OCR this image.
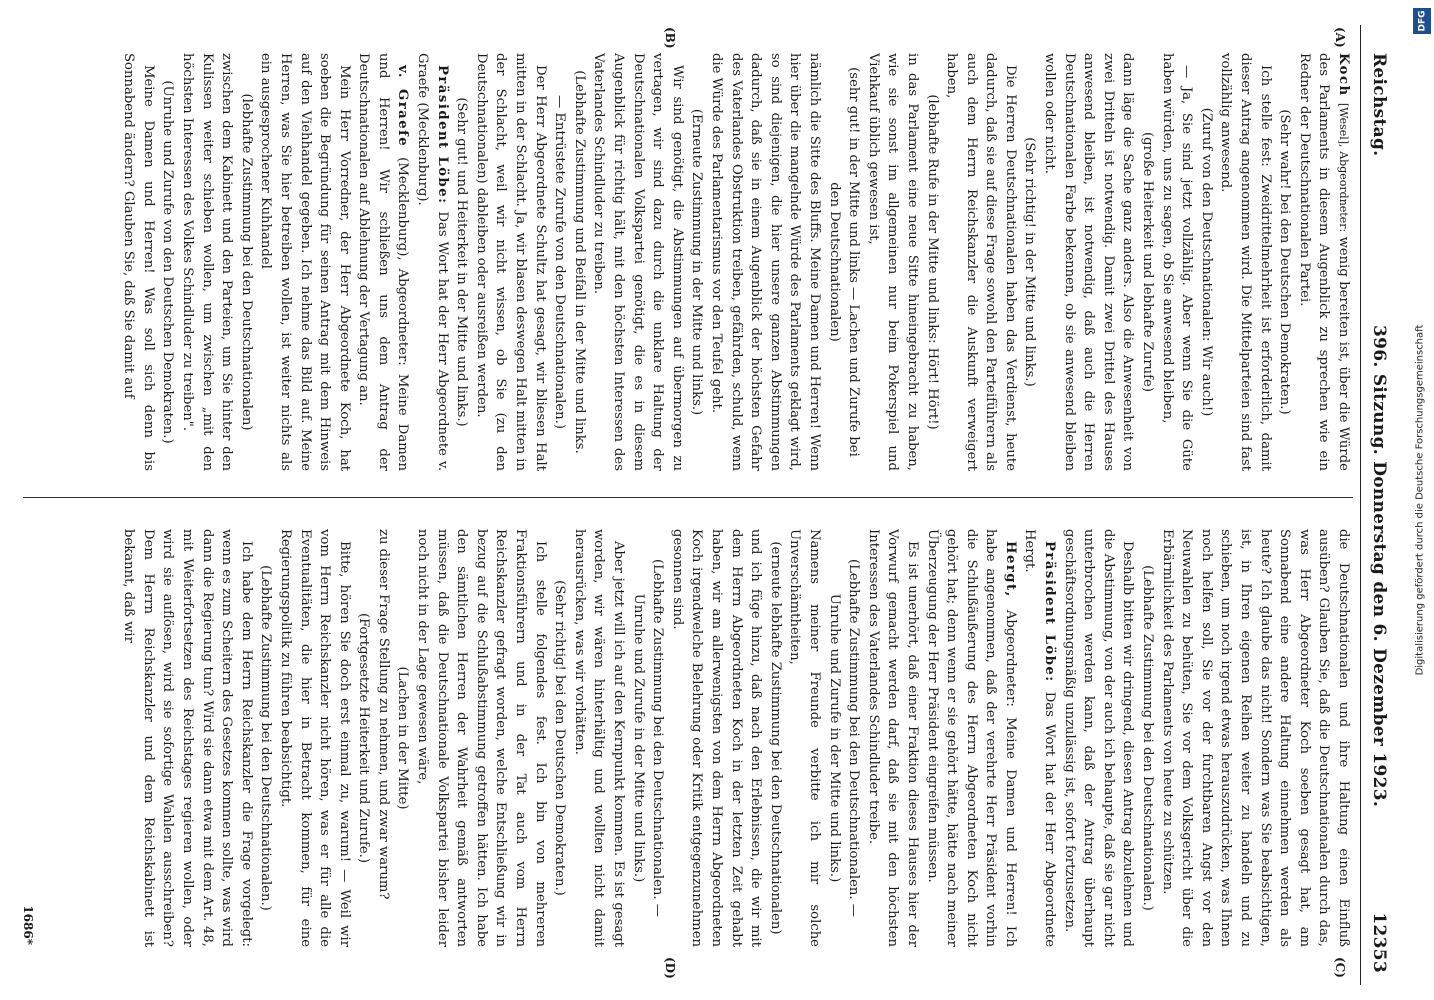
Reichstag.
396. Sitzung. Donnerstag den 6. Dezember 1923.
12353
(A)
(B)
(C)
(D)

Koch [Wesel], Abgeordneter: wenig bereiten ist, über die Würde des Parlaments in diesem Augenblick zu sprechen wie ein Redner der Deutschnationalen Partei.

(Sehr wahr! bei den Deutschen Demokraten.)

Ich stelle fest: Zweidrittelmehrheit ist erforderlich, damit dieser Antrag angenommen wird. Die Mittelparteien sind fast vollzählig anwesend.

(Zuruf von den Deutschnationalen: Wir auch!)

— Ja, Sie sind jetzt vollzählig. Aber wenn Sie die Güte haben würden, uns zu sagen, ob Sie anwesend bleiben,

(große Heiterkeit und lebhafte Zurufe)

dann läge die Sache ganz anders. Also die Anwesenheit von zwei Dritteln ist notwendig. Damit zwei Drittel des Hauses anwesend bleiben, ist notwendig, daß auch die Herren Deutschnationalen Farbe bekennen, ob sie anwesend bleiben wollen oder nicht.

(Sehr richtig! in der Mitte und links.)

Die Herren Deutschnationalen haben das Verdienst, heute dadurch, daß sie auf diese Frage sowohl den Parteiführern als auch dem Herrn Reichskanzler die Auskunft verweigert haben,

(lebhafte Rufe in der Mitte und links: Hört! Hört!)

in das Parlament eine neue Sitte hineingebracht zu haben, wie sie sonst im allgemeinen nur beim Pokerspiel und Viehkauf üblich gewesen ist,

(sehr gut! in der Mitte und links — Lachen und Zurufe bei den Deutschnationalen)

nämlich die Sitte des Bluffs. Meine Damen und Herren! Wenn hier über die mangelnde Würde des Parlaments geklagt wird, so sind diejenigen, die hier unsere ganzen Abstimmungen dadurch, daß sie in einem Augenblick der höchsten Gefahr des Vaterlandes Obstruktion treiben, gefährden, schuld, wenn die Würde des Parlamentarismus vor den Teufel geht.

(Erneute Zustimmung in der Mitte und links.)

Wir sind genötigt, die Abstimmungen auf übermorgen zu vertagen, wir sind dazu durch die unklare Haltung der Deutschnationalen Volkspartei genötigt, die es in diesem Augenblick für richtig hält, mit den höchsten Interessen des Vaterlandes Schindluder zu treiben.

(Lebhafte Zustimmung und Beifall in der Mitte und links. — Entrüstete Zurufe von den Deutschnationalen.)

Der Herr Abgeordnete Schultz hat gesagt, wir bliesen Halt mitten in der Schlacht. Ja, wir blasen deswegen Halt mitten in der Schlacht, weil wir nicht wissen, ob Sie (zu den Deutschnationalen) dableiben oder ausreißen werden.

(Sehr gut! und Heiterkeit in der Mitte und links.)

Präsident Löbe: Das Wort hat der Herr Abgeordnete v. Graefe (Mecklenburg).

v. Graefe (Mecklenburg), Abgeordneter: Meine Damen und Herren! Wir schließen uns dem Antrag der Deutschnationalen auf Ablehnung der Vertagung an.

Mein Herr Vorredner, der Herr Abgeordnete Koch, hat soeben die Begründung für seinen Antrag mit dem Hinweis auf den Viehhandel gegeben. Ich nehme das Bild auf. Meine Herren, was Sie hier betreiben wollen, ist weiter nichts als ein ausgesprochener Kuhhandel

(lebhafte Zustimmung bei den Deutschnationalen)

zwischen dem Kabinett und den Parteien, um Sie hinter den Kulissen weiter schieben wollen, um zwischen „mit den höchsten Interessen des Volkes Schindluder zu treiben".

(Unruhe und Zurufe von den Deutschen Demokraten.)

Meine Damen und Herren! Was soll sich denn bis Sonnabend ändern? Glauben Sie, daß Sie damit auf

die Deutschnationalen und ihre Haltung einen Einfluß ausüben? Glauben Sie, daß die Deutschnationalen durch das, was Herr Abgeordneter Koch soeben gesagt hat, am Sonnabend eine andere Haltung einnehmen werden als heute? Ich glaube das nicht! Sondern was Sie beabsichtigen, ist, in Ihren eigenen Reihen weiter zu handeln und zu schieben, um noch irgend etwas herauszudrücken, was Ihnen noch helfen soll, Sie vor der furchtbaren Angst vor den Neuwahlen zu behüten, Sie vor dem Volksgericht über die Erbärmlichkeit des Parlaments von heute zu schützen.

(Lebhafte Zustimmung bei den Deutschnationalen.)

Deshalb bitten wir dringend, diesen Antrag abzulehnen und die Abstimmung, von der auch ich behaupte, daß sie gar nicht unterbrochen werden kann, daß der Antrag überhaupt geschäftsordnungsmäßig unzulässig ist, sofort fortzusetzen.

Präsident Löbe: Das Wort hat der Herr Abgeordnete Hergt.

Hergt, Abgeordneter: Meine Damen und Herren! Ich habe angenommen, daß der verehrte Herr Präsident vorhin die Schlußäußerung des Herrn Abgeordneten Koch nicht gehört hat; denn wenn er sie gehört hätte, hätte nach meiner Überzeugung der Herr Präsident eingreifen müssen.

Es ist unerhört, daß einer Fraktion dieses Hauses hier der Vorwurf gemacht werden darf, daß sie mit den höchsten Interessen des Vaterlandes Schindluder treibe.

(Lebhafte Zustimmung bei den Deutschnationalen. — Unruhe und Zurufe in der Mitte und links.)

Namens meiner Freunde verbitte ich mir solche Unverschämtheiten,

(erneute lebhafte Zustimmung bei den Deutschnationalen)

und ich füge hinzu, daß nach den Erlebnissen, die wir mit dem Herrn Abgeordneten Koch in der letzten Zeit gehabt haben, wir am allerwenigsten von dem Herrn Abgeordneten Koch irgendwelche Belehrung oder Kritik entgegenzunehmen gesonnen sind.

(Lebhafte Zustimmung bei den Deutschnationalen. — Unruhe und Zurufe in der Mitte und links.)

Aber jetzt will ich auf den Kernpunkt kommen. Es ist gesagt worden, wir wären hinterhältig und wollten nicht damit herausrücken, was wir vorhätten.

(Sehr richtig! bei den Deutschen Demokraten.)

Ich stelle folgendes fest. Ich bin von mehreren Fraktionsführern und in der Tat auch vom Herrn Reichskanzler gefragt worden, welche Entschließung wir in bezug auf die Schlußabstimmung getroffen hätten. Ich habe den sämtlichen Herren der Wahrheit gemäß antworten müssen, daß die Deutschnationale Volkspartei bisher leider noch nicht in der Lage gewesen wäre,

(Lachen in der Mitte)

zu dieser Frage Stellung zu nehmen, und zwar warum?

(Fortgesetzte Heiterkeit und Zurufe.)

Bitte, hören Sie doch erst einmal zu, warum! — Weil wir vom Herrn Reichskanzler nicht hören, was er für alle die Eventualitäten, die hier in Betracht kommen, für eine Regierungspolitik zu führen beabsichtigt.

(Lebhafte Zustimmung bei den Deutschnationalen.)

Ich habe dem Herrn Reichskanzler die Frage vorgelegt: wenn es zum Scheitern des Gesetzes kommen sollte, was wird dann die Regierung tun? Wird sie dann etwa mit dem Art. 48, mit Weiterfortsetzen des Reichstages regieren wollen, oder wird sie auflösen, wird sie sofortige Wahlen ausschreiben? Dem Herrn Reichskanzler und dem Reichskabinett ist bekannt, daß wir

1686*
DFG
Digitalisierung gefördert durch die Deutsche Forschungsgemeinschaft
